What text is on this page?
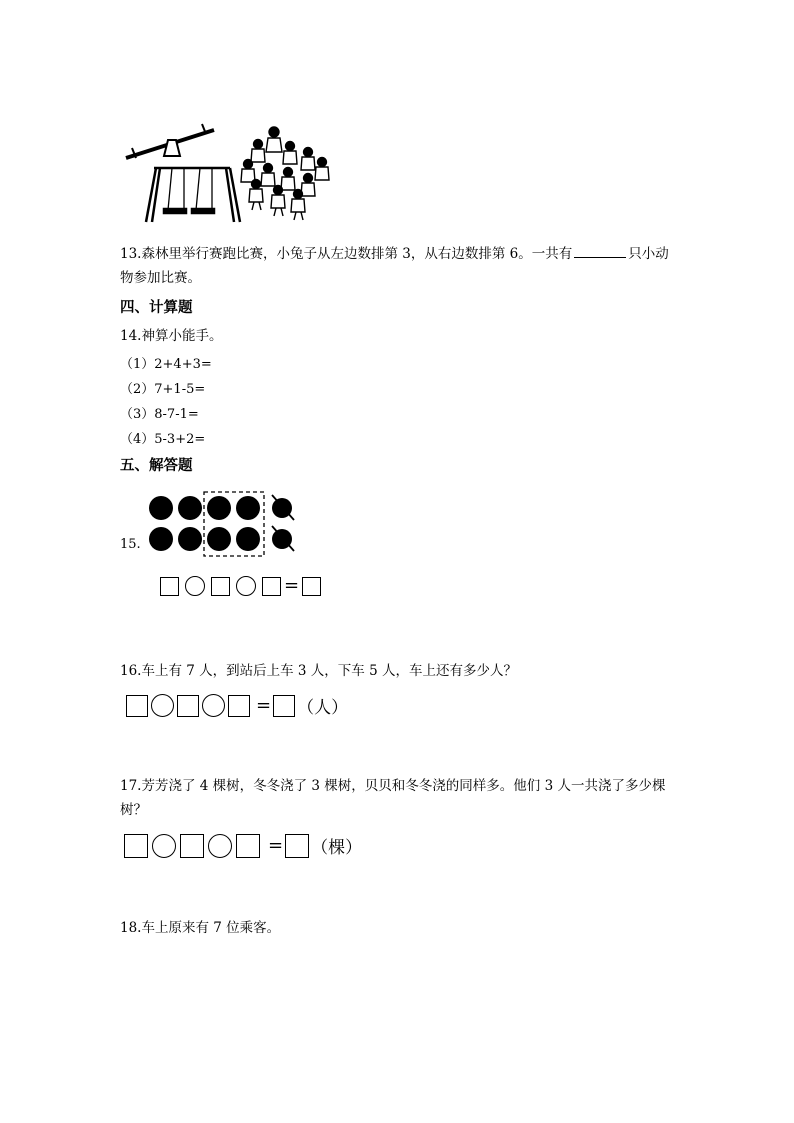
13.森林里举行赛跑比赛，小兔子从左边数排第 3，从右边数排第 6。一共有	只小动
物参加比赛。
四、计算题
14.神算小能手。
（1）2+4+3=
（2）7+1-5=
（3）8-7-1=
（4）5-3+2=
五、解答题
15.
=
16.车上有 7 人，到站后上车 3 人，下车 5 人，车上还有多少人？
= （人）
17.芳芳浇了 4 棵树，冬冬浇了 3 棵树，贝贝和冬冬浇的同样多。他们 3 人一共浇了多少棵
树？
= （棵）
18.车上原来有 7 位乘客。
